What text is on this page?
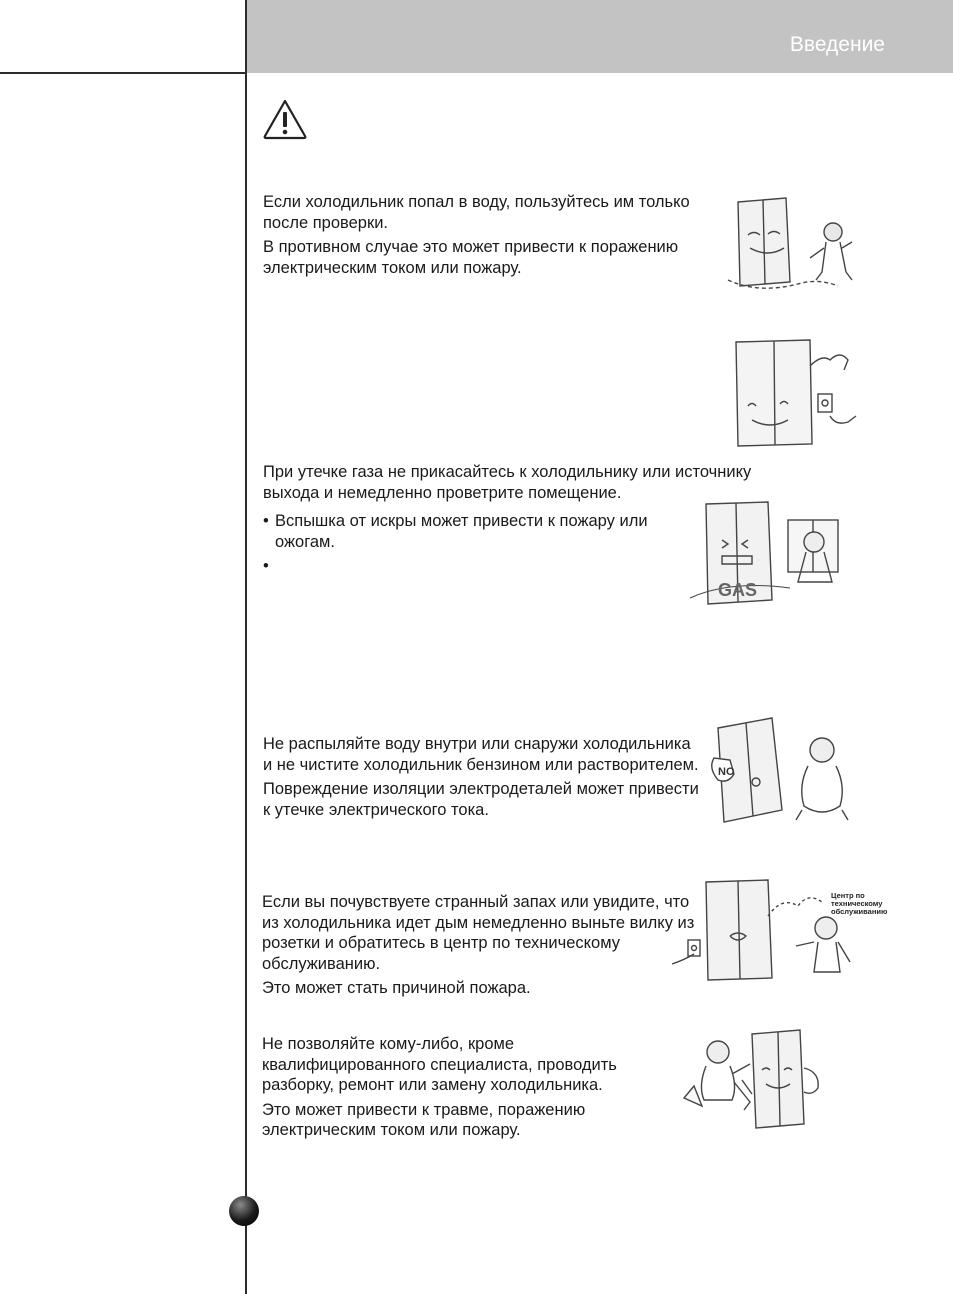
Введение

Если холодильник попал в воду, пользуйтесь им только после проверки.

В противном случае это может привести к поражению электрическим током или пожару.

При утечке газа не прикасайтесь к холодильнику или источнику выхода и немедленно проветрите помещение.

• Вспышка от искры может привести к пожару или ожогам.

GAS

Не распыляйте воду внутри или снаружи холодильника и не чистите холодильник бензином или растворителем.

Повреждение изоляции электродеталей может привести к утечке электрического тока.

NO

Если вы почувствуете странный запах или увидите, что из холодильника идет дым немедленно выньте вилку из розетки и обратитесь в центр по техническому обслуживанию.

Это может стать причиной пожара.

Центр по техническому обслуживанию

Не позволяйте кому-либо, кроме квалифицированного специалиста, проводить разборку, ремонт или замену холодильника.

Это может привести к травме, поражению электрическим током или пожару.
